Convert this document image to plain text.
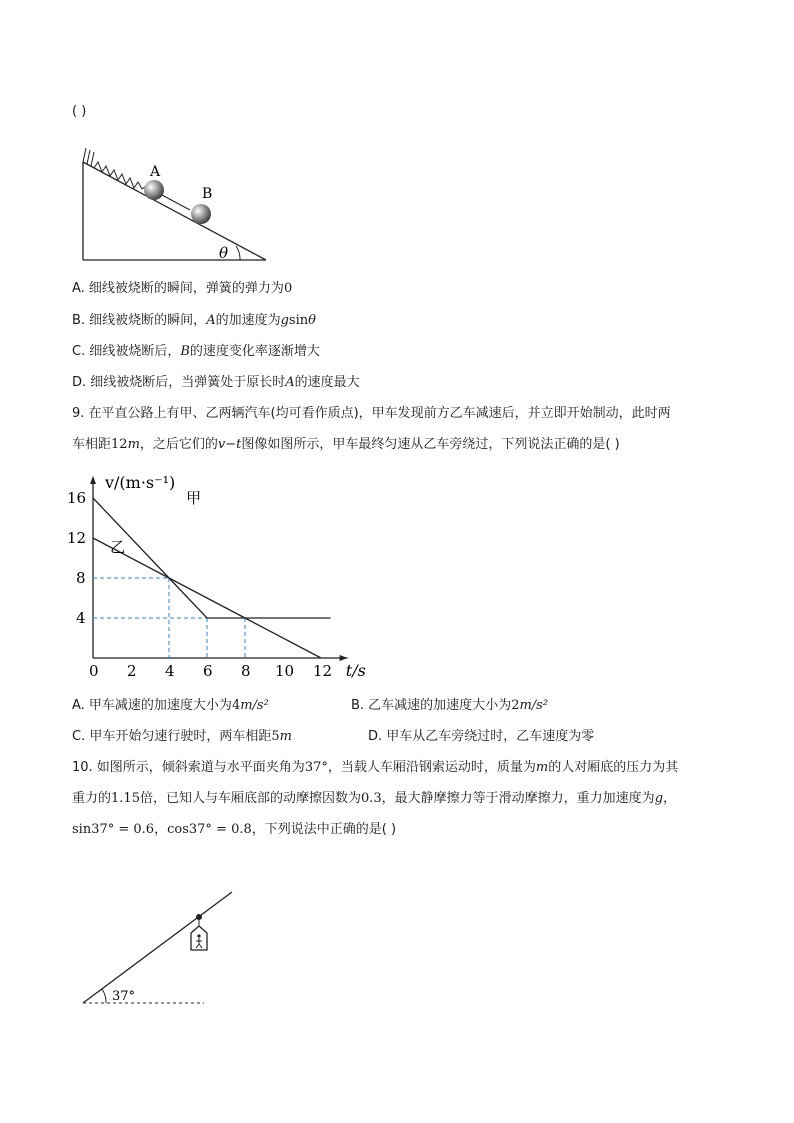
( )
A
B
θ
A. 细线被烧断的瞬间，弹簧的弹力为0
B. 细线被烧断的瞬间，A的加速度为gsinθ
C. 细线被烧断后，B的速度变化率逐渐增大
D. 细线被烧断后，当弹簧处于原长时A的速度最大
9. 在平直公路上有甲、乙两辆汽车(均可看作质点)，甲车发现前方乙车减速后，并立即开始制动，此时两
车相距12m，之后它们的v−t图像如图所示，甲车最终匀速从乙车旁绕过，下列说法正确的是( )
甲
乙
0 2 4 6 8 10 12
4
8
12
16
v/(m·s⁻¹)
t/s
A. 甲车减速的加速度大小为4m/s²	B. 乙车减速的加速度大小为2m/s²
C. 甲车开始匀速行驶时，两车相距5m	D. 甲车从乙车旁绕过时，乙车速度为零
10. 如图所示，倾斜索道与水平面夹角为37°，当载人车厢沿钢索运动时，质量为m的人对厢底的压力为其
重力的1.15倍，已知人与车厢底部的动摩擦因数为0.3，最大静摩擦力等于滑动摩擦力，重力加速度为g，
sin37° = 0.6，cos37° = 0.8，下列说法中正确的是( )
37°
